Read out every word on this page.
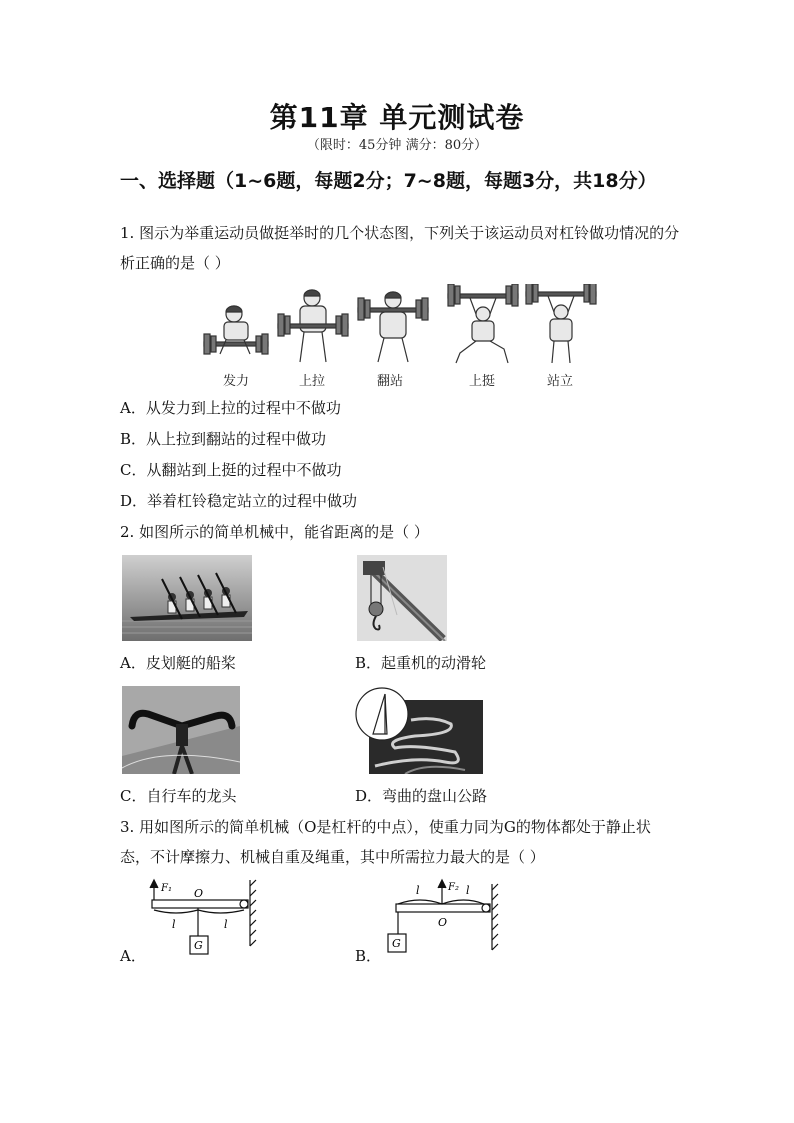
第11章 单元测试卷
（限时：45分钟 满分：80分）
一、选择题（1~6题，每题2分；7~8题，每题3分，共18分）
1. 图示为举重运动员做挺举时的几个状态图，下列关于该运动员对杠铃做功情况的分析正确的是（ ）
发力	上拉	翻站	上挺	站立
A．从发力到上拉的过程中不做功
B．从上拉到翻站的过程中做功
C．从翻站到上挺的过程中不做功
D．举着杠铃稳定站立的过程中做功
2. 如图所示的简单机械中，能省距离的是（ ）
A．皮划艇的船桨	B．起重机的动滑轮
C．自行车的龙头	D．弯曲的盘山公路
3. 用如图所示的简单机械（O是杠杆的中点），使重力同为G的物体都处于静止状态，不计摩擦力、机械自重及绳重，其中所需拉力最大的是（ ）
F₁ O
l	l
G
l	F₂ l
O
G
A．	B．
